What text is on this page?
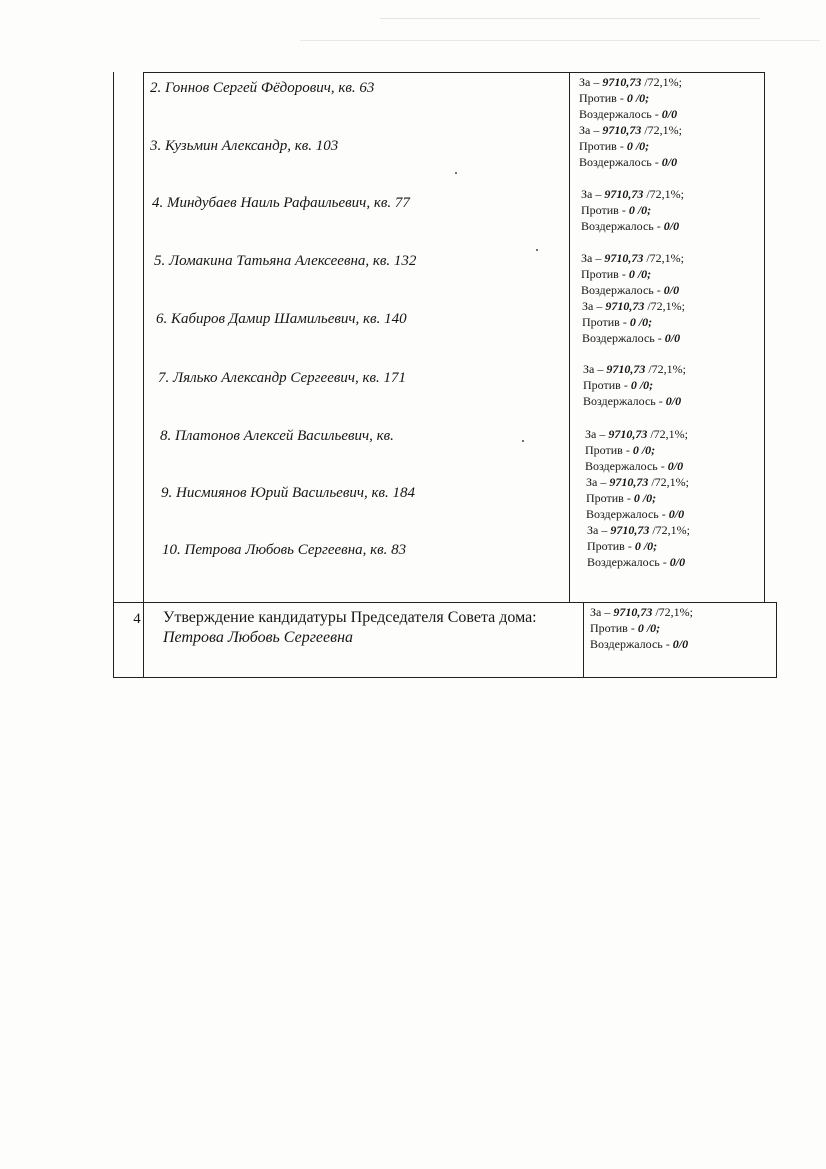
2. Гоннов Сергей Фёдорович, кв. 63
3. Кузьмин Александр, кв. 103
4. Миндубаев Наиль Рафаильевич, кв. 77
5. Ломакина Татьяна Алексеевна, кв. 132
6. Кабиров Дамир Шамильевич, кв. 140
7. Лялько Александр Сергеевич, кв. 171
8. Платонов Алексей Васильевич, кв.
9. Нисмиянов Юрий Васильевич, кв. 184
10. Петрова Любовь Сергеевна, кв. 83
За – 9710,73 /72,1%;
Против - 0 /0;
Воздержалось - 0/0
За – 9710,73 /72,1%;
Против - 0 /0;
Воздержалось - 0/0
За – 9710,73 /72,1%;
Против - 0 /0;
Воздержалось - 0/0
За – 9710,73 /72,1%;
Против - 0 /0;
Воздержалось - 0/0
За – 9710,73 /72,1%;
Против - 0 /0;
Воздержалось - 0/0
За – 9710,73 /72,1%;
Против - 0 /0;
Воздержалось - 0/0
За – 9710,73 /72,1%;
Против - 0 /0;
Воздержалось - 0/0
За – 9710,73 /72,1%;
Против - 0 /0;
Воздержалось - 0/0
За – 9710,73 /72,1%;
Против - 0 /0;
Воздержалось - 0/0
4	Утверждение кандидатуры Председателя Совета дома:
Петрова Любовь Сергеевна
За – 9710,73 /72,1%;
Против - 0 /0;
Воздержалось - 0/0
